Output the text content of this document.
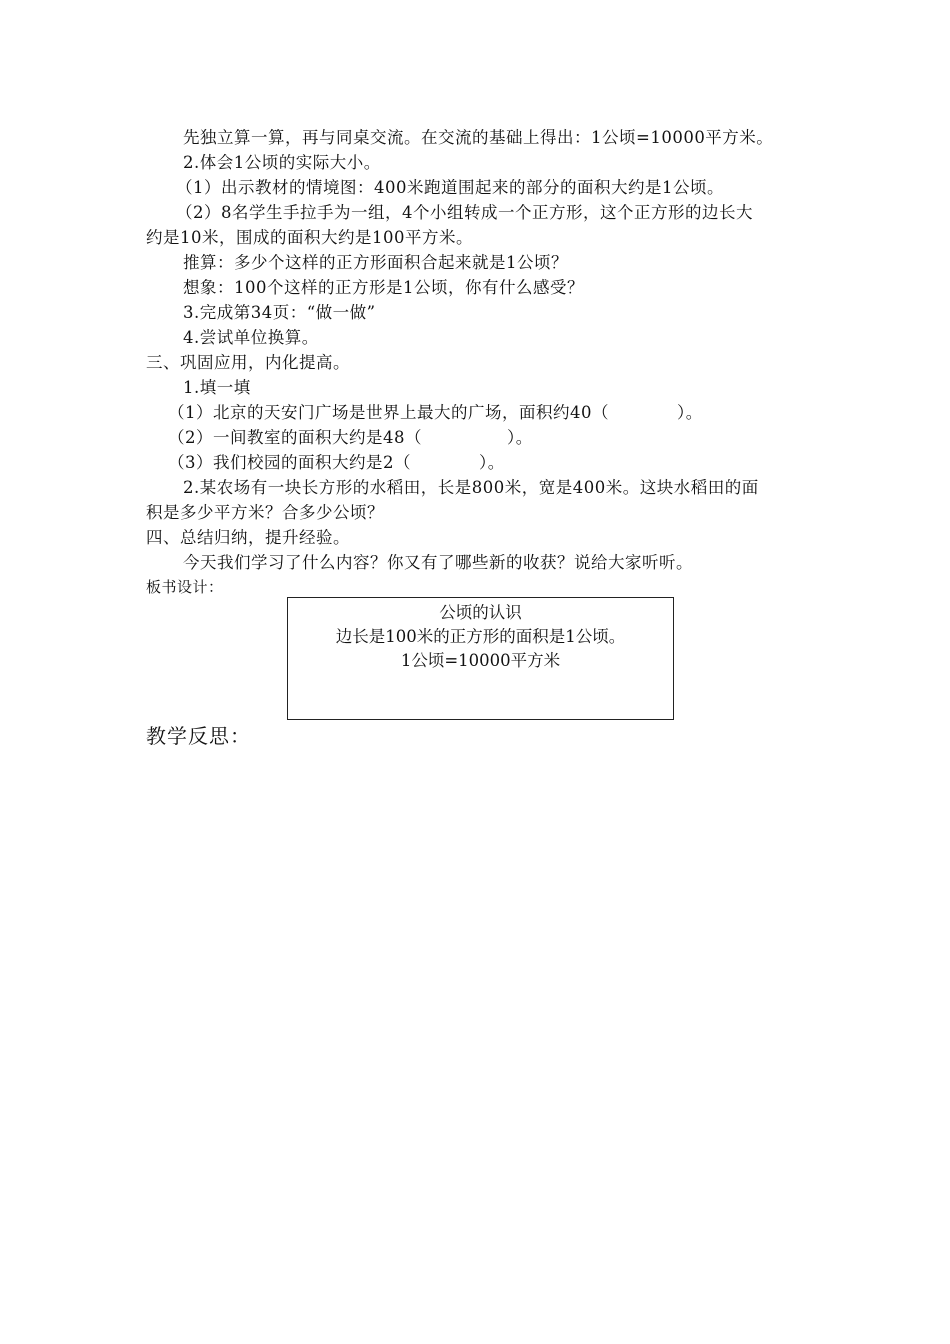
先独立算一算，再与同桌交流。在交流的基础上得出：1公顷=10000平方米。
2.体会1公顷的实际大小。
（1）出示教材的情境图：400米跑道围起来的部分的面积大约是1公顷。
（2）8名学生手拉手为一组，4个小组转成一个正方形，这个正方形的边长大
约是10米，围成的面积大约是100平方米。
推算：多少个这样的正方形面积合起来就是1公顷？
想象：100个这样的正方形是1公顷，你有什么感受？
3.完成第34页：“做一做”
4.尝试单位换算。
三、巩固应用，内化提高。
1.填一填
（1）北京的天安门广场是世界上最大的广场，面积约40（　　　　）。
（2）一间教室的面积大约是48（　　　　　）。
（3）我们校园的面积大约是2（　　　　）。
2.某农场有一块长方形的水稻田，长是800米，宽是400米。这块水稻田的面
积是多少平方米？合多少公顷？
四、总结归纳，提升经验。
今天我们学习了什么内容？你又有了哪些新的收获？说给大家听听。
板书设计：
公顷的认识
边长是100米的正方形的面积是1公顷。
1公顷=10000平方米
教学反思：
